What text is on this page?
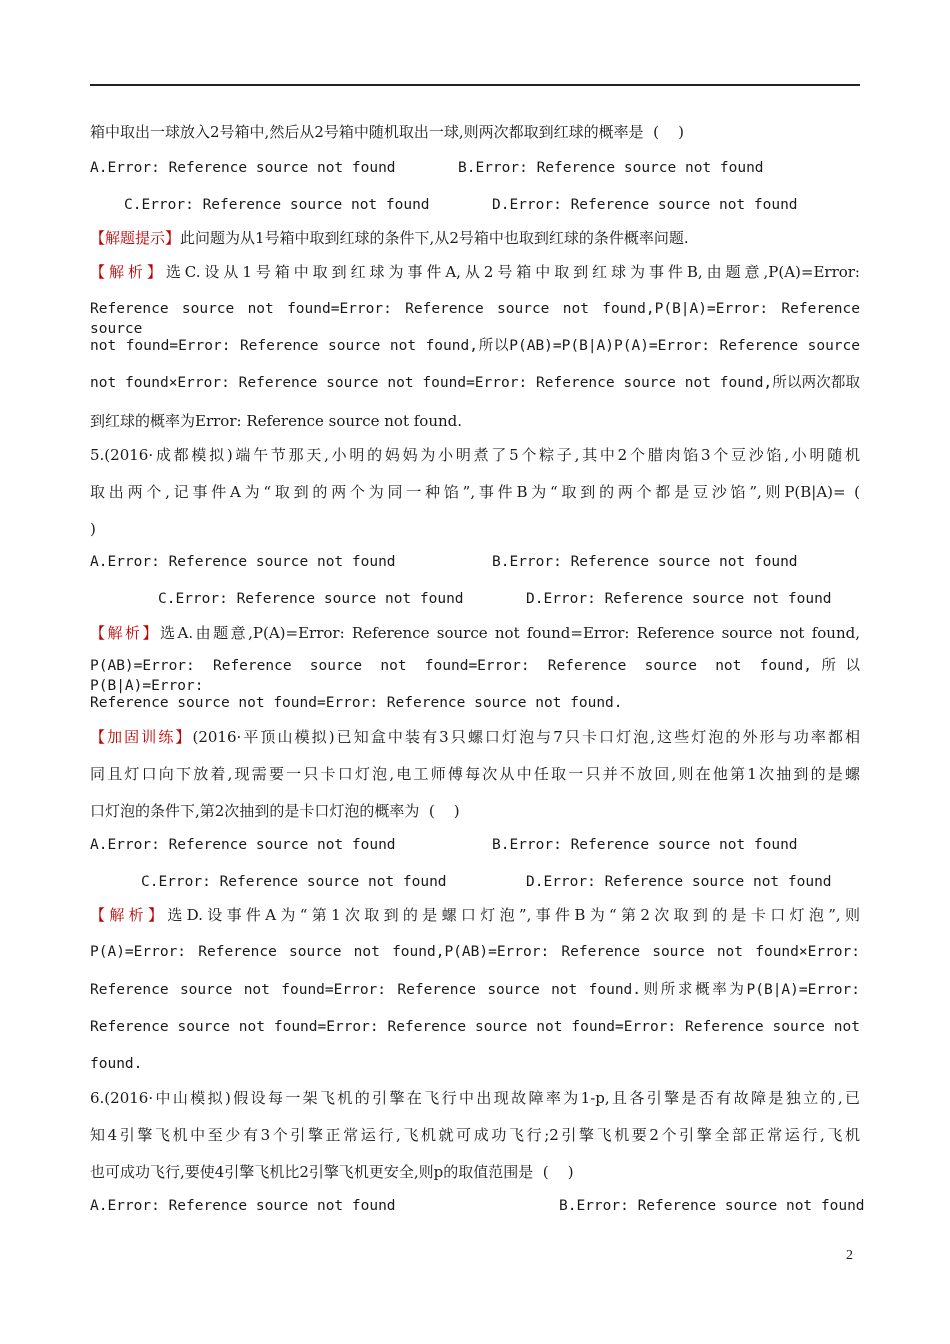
箱中取出一球放入2号箱中,然后从2号箱中随机取出一球,则两次都取到红球的概率是  (    )
A.Error: Reference source not found	B.Error: Reference source not found
C.Error: Reference source not found	D.Error: Reference source not found
【解题提示】此问题为从1号箱中取到红球的条件下,从2号箱中也取到红球的条件概率问题.
【解析】选C.设从1号箱中取到红球为事件A,从2号箱中取到红球为事件B,由题意,P(A)=Error:
Reference source not found=Error: Reference source not found,P(B|A)=Error: Reference source
not found=Error: Reference source not found,所以P(AB)=P(B|A)P(A)=Error: Reference source
not found×Error: Reference source not found=Error: Reference source not found,所以两次都取
到红球的概率为Error: Reference source not found.
5.(2016·成都模拟)端午节那天,小明的妈妈为小明煮了5个粽子,其中2个腊肉馅3个豆沙馅,小明随机
取出两个,记事件A为“取到的两个为同一种馅”,事件B为“取到的两个都是豆沙馅”,则P(B|A)= (
)
A.Error: Reference source not found	B.Error: Reference source not found
C.Error: Reference source not found	D.Error: Reference source not found
【解析】选A.由题意,P(A)=Error: Reference source not found=Error: Reference source not found,
P(AB)=Error: Reference source not found=Error: Reference source not found,所以P(B|A)=Error:
Reference source not found=Error: Reference source not found.
【加固训练】(2016·平顶山模拟)已知盒中装有3只螺口灯泡与7只卡口灯泡,这些灯泡的外形与功率都相
同且灯口向下放着,现需要一只卡口灯泡,电工师傅每次从中任取一只并不放回,则在他第1次抽到的是螺
口灯泡的条件下,第2次抽到的是卡口灯泡的概率为  (    )
A.Error: Reference source not found	B.Error: Reference source not found
C.Error: Reference source not found	D.Error: Reference source not found
【解析】选D.设事件A为“第1次取到的是螺口灯泡”,事件B为“第2次取到的是卡口灯泡”,则
P(A)=Error: Reference source not found,P(AB)=Error: Reference source not found×Error:
Reference source not found=Error: Reference source not found.则所求概率为P(B|A)=Error:
Reference source not found=Error: Reference source not found=Error: Reference source not
found.
6.(2016·中山模拟)假设每一架飞机的引擎在飞行中出现故障率为1-p,且各引擎是否有故障是独立的,已
知4引擎飞机中至少有3个引擎正常运行,飞机就可成功飞行;2引擎飞机要2个引擎全部正常运行,飞机
也可成功飞行,要使4引擎飞机比2引擎飞机更安全,则p的取值范围是  (    )
A.Error: Reference source not found	B.Error: Reference source not found
2
